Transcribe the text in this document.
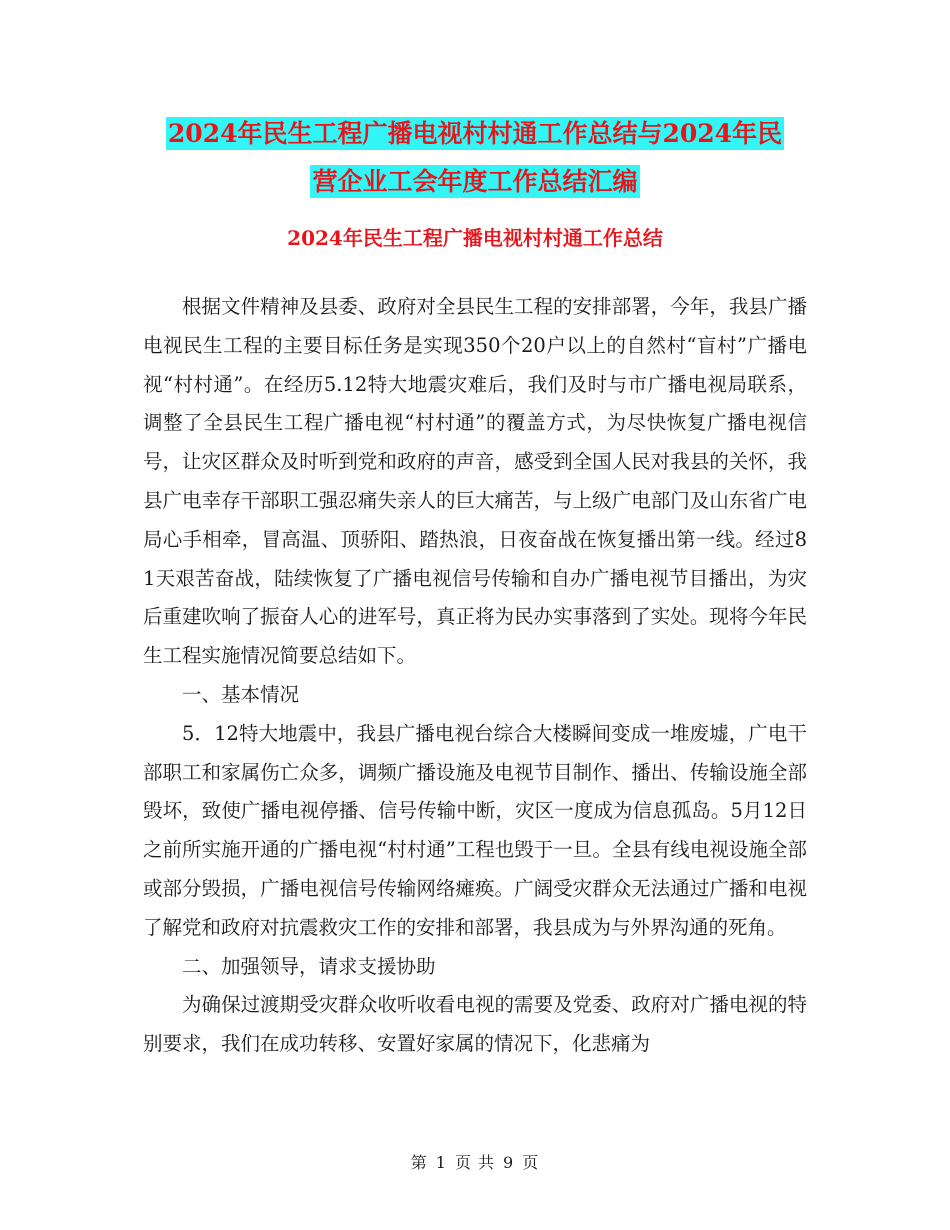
2024年民生工程广播电视村村通工作总结与2024年民
营企业工会年度工作总结汇编
2024年民生工程广播电视村村通工作总结

根据文件精神及县委、政府对全县民生工程的安排部署，今年，我县广播电视民生工程的主要目标任务是实现350个20户以上的自然村“盲村”广播电视“村村通”。在经历5.12特大地震灾难后，我们及时与市广播电视局联系，调整了全县民生工程广播电视“村村通”的覆盖方式，为尽快恢复广播电视信号，让灾区群众及时听到党和政府的声音，感受到全国人民对我县的关怀，我县广电幸存干部职工强忍痛失亲人的巨大痛苦，与上级广电部门及山东省广电局心手相牵，冒高温、顶骄阳、踏热浪，日夜奋战在恢复播出第一线。经过81天艰苦奋战，陆续恢复了广播电视信号传输和自办广播电视节目播出，为灾后重建吹响了振奋人心的进军号，真正将为民办实事落到了实处。现将今年民生工程实施情况简要总结如下。

一、基本情况

5．12特大地震中，我县广播电视台综合大楼瞬间变成一堆废墟，广电干部职工和家属伤亡众多，调频广播设施及电视节目制作、播出、传输设施全部毁坏，致使广播电视停播、信号传输中断，灾区一度成为信息孤岛。5月12日之前所实施开通的广播电视“村村通”工程也毁于一旦。全县有线电视设施全部或部分毁损，广播电视信号传输网络瘫痪。广阔受灾群众无法通过广播和电视了解党和政府对抗震救灾工作的安排和部署，我县成为与外界沟通的死角。

二、加强领导，请求支援协助

为确保过渡期受灾群众收听收看电视的需要及党委、政府对广播电视的特别要求，我们在成功转移、安置好家属的情况下，化悲痛为

第 1 页 共 9 页
